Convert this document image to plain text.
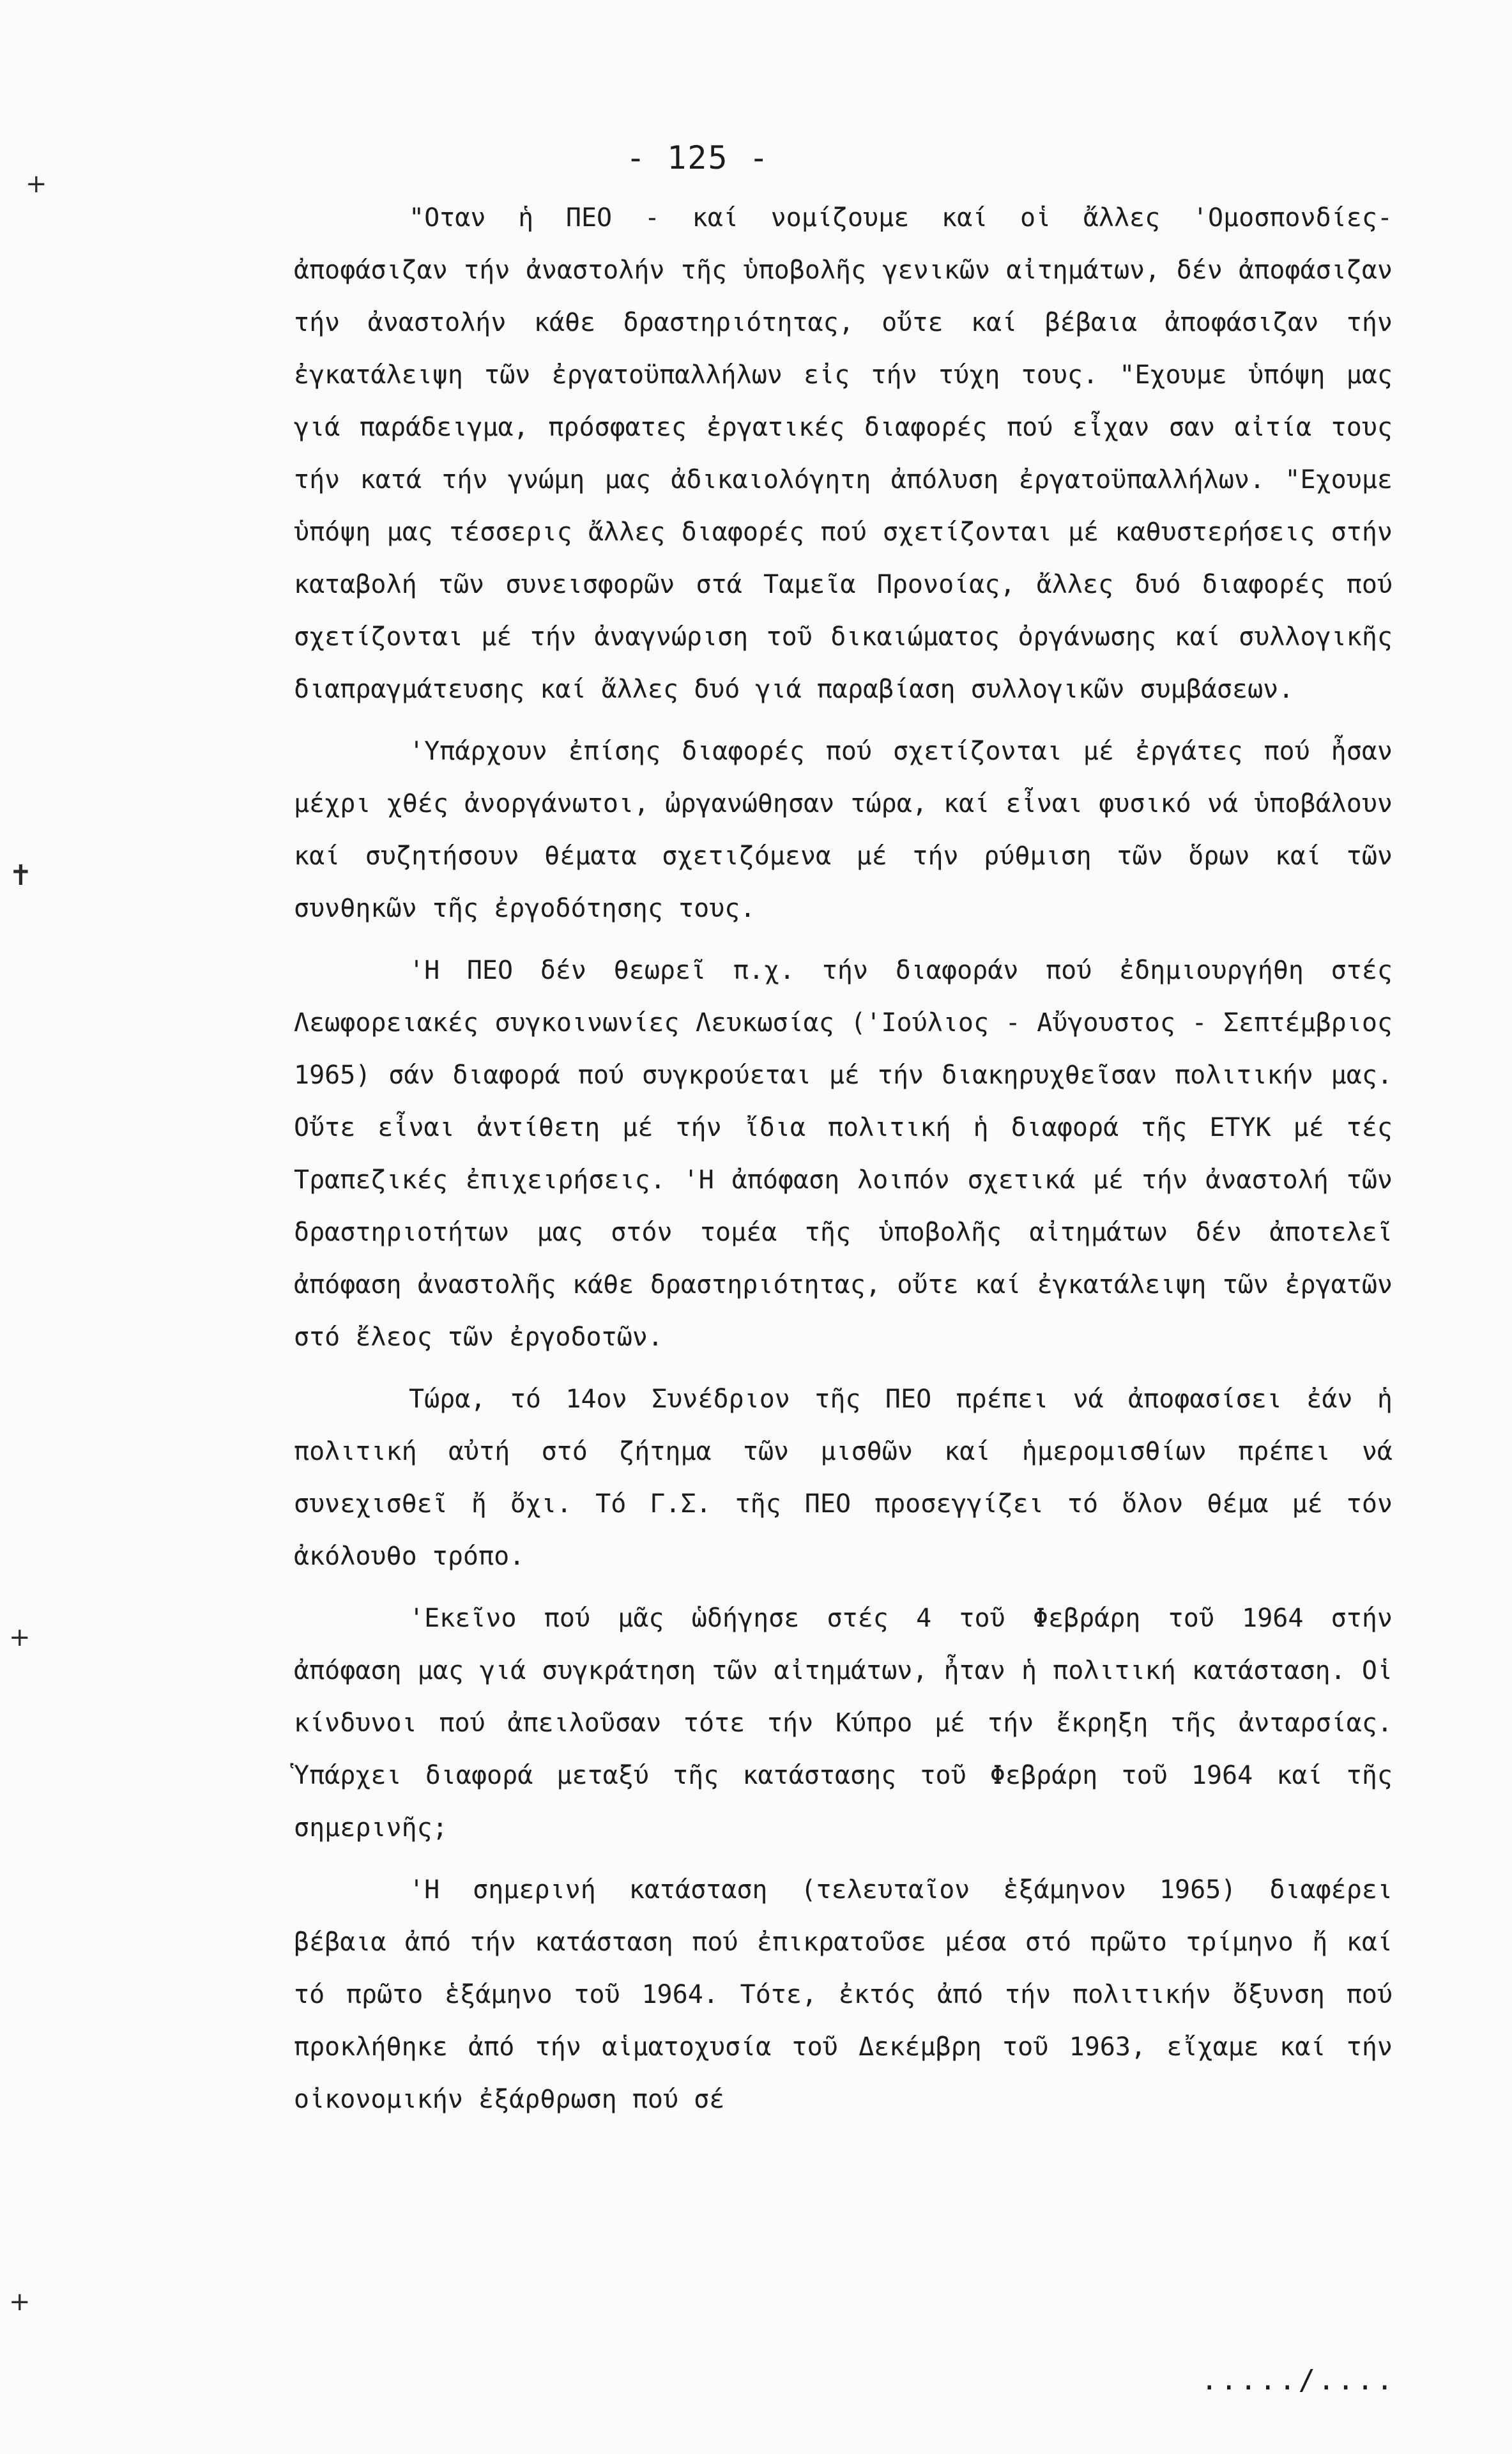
+
✝
+
+
- 125 -

"Οταν ἡ ΠΕΟ - καί νομίζουμε καί οἱ ἄλλες 'Ομοσπονδίες- ἀποφάσιζαν τήν ἀναστολήν τῆς ὑποβολῆς γενικῶν αἰτημάτων, δέν ἀποφάσιζαν τήν ἀναστολήν κάθε δραστηριότητας, οὔτε καί βέβαια ἀποφάσιζαν τήν ἐγκατάλειψη τῶν ἐργατοϋπαλλήλων εἰς τήν τύχη τους. "Εχουμε ὑπόψη μας γιά παράδειγμα, πρόσφατες ἐργατικές διαφορές πού εἶχαν σαν αἰτία τους τήν κατά τήν γνώμη μας ἀδικαιολόγητη ἀπόλυση ἐργατοϋπαλλήλων. "Εχουμε ὑπόψη μας τέσσερις ἄλλες διαφορές πού σχετίζονται μέ καθυστερήσεις στήν καταβολή τῶν συνεισφορῶν στά Ταμεῖα Προνοίας, ἄλλες δυό διαφορές πού σχετίζονται μέ τήν ἀναγνώριση τοῦ δικαιώματος ὀργάνωσης καί συλλογικῆς διαπραγμάτευσης καί ἄλλες δυό γιά παραβίαση συλλογικῶν συμβάσεων.

'Υπάρχουν ἐπίσης διαφορές πού σχετίζονται μέ ἐργάτες πού ἦσαν μέχρι χθές ἀνοργάνωτοι, ὠργανώθησαν τώρα, καί εἶναι φυσικό νά ὑποβάλουν καί συζητήσουν θέματα σχετιζόμενα μέ τήν ρύθμιση τῶν ὅρων καί τῶν συνθηκῶν τῆς ἐργοδότησης τους.

'Η ΠΕΟ δέν θεωρεῖ π.χ. τήν διαφοράν πού ἐδημιουργήθη στές Λεωφορειακές συγκοινωνίες Λευκωσίας ('Ιούλιος - Αὔγουστος - Σεπτέμβριος 1965) σάν διαφορά πού συγκρούεται μέ τήν διακηρυχθεῖσαν πολιτικήν μας. Οὔτε εἶναι ἀντίθετη μέ τήν ἴδια πολιτική ἡ διαφορά τῆς ΕΤΥΚ μέ τές Τραπεζικές ἐπιχειρήσεις. 'Η ἀπόφαση λοιπόν σχετικά μέ τήν ἀναστολή τῶν δραστηριοτήτων μας στόν τομέα τῆς ὑποβολῆς αἰτημάτων δέν ἀποτελεῖ ἀπόφαση ἀναστολῆς κάθε δραστηριότητας, οὔτε καί ἐγκατάλειψη τῶν ἐργατῶν στό ἔλεος τῶν ἐργοδοτῶν.

Τώρα, τό 14ον Συνέδριον τῆς ΠΕΟ πρέπει νά ἀποφασίσει ἐάν ἡ πολιτική αὐτή στό ζήτημα τῶν μισθῶν καί ἡμερομισθίων πρέπει νά συνεχισθεῖ ἤ ὄχι. Τό Γ.Σ. τῆς ΠΕΟ προσεγγίζει τό ὅλον θέμα μέ τόν ἀκόλουθο τρόπο.

'Εκεῖνο πού μᾶς ὡδήγησε στές 4 τοῦ Φεβράρη τοῦ 1964 στήν ἀπόφαση μας γιά συγκράτηση τῶν αἰτημάτων, ἦταν ἡ πολιτική κατάσταση. Οἱ κίνδυνοι πού ἀπειλοῦσαν τότε τήν Κύπρο μέ τήν ἔκρηξη τῆς ἀνταρσίας. Ὑπάρχει διαφορά μεταξύ τῆς κατάστασης τοῦ Φεβράρη τοῦ 1964 καί τῆς σημερινῆς;

'Η σημερινή κατάσταση (τελευταῖον ἑξάμηνον 1965) διαφέρει βέβαια ἀπό τήν κατάσταση πού ἐπικρατοῦσε μέσα στό πρῶτο τρίμηνο ἤ καί τό πρῶτο ἑξάμηνο τοῦ 1964. Τότε, ἐκτός ἀπό τήν πολιτικήν ὄξυνση πού προκλήθηκε ἀπό τήν αἱματοχυσία τοῦ Δεκέμβρη τοῦ 1963, εἴχαμε καί τήν οἰκονομικήν ἐξάρθρωση πού σέ

...../....
